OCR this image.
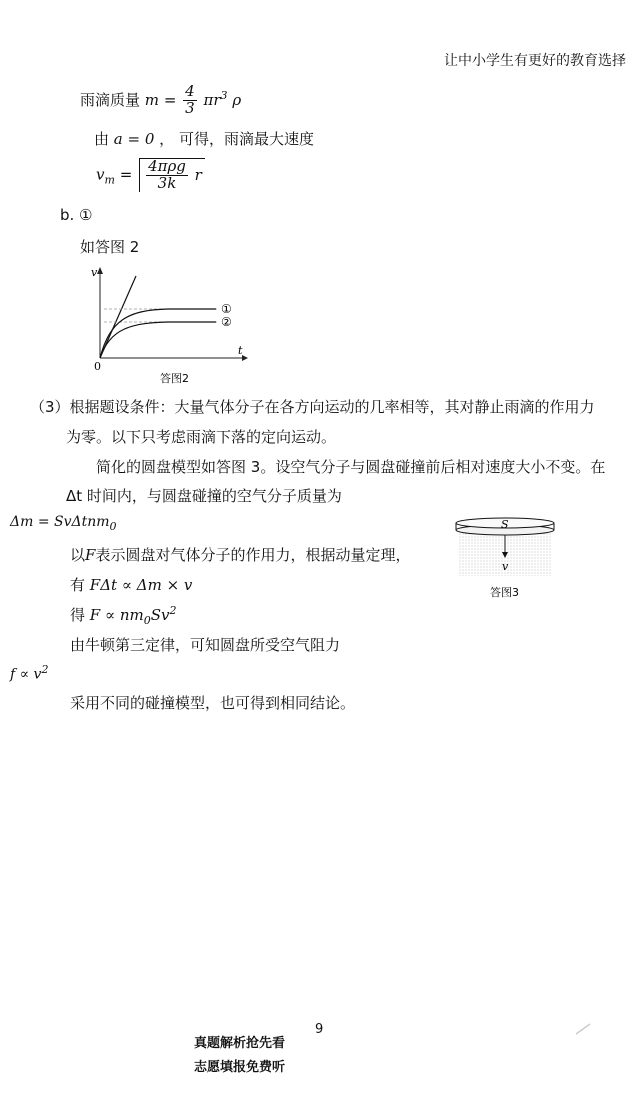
让中小学生有更好的教育选择
雨滴质量 $m = \frac{4}{3} \pi r^3$ ρ
由 a = 0 ， 可得，雨滴最大速度
$v_m = \frac{\text{4πρg}}{3k}$ r
b. ①
如答图 2
v
t
0
①
②
答图2
（3）根据题设条件：大量气体分子在各方向运动的几率相等，其对静止雨滴的作用力
为零。以下只考虑雨滴下落的定向运动。
简化的圆盘模型如答图 3。设空气分子与圆盘碰撞前后相对速度大小不变。在
Δt 时间内，与圆盘碰撞的空气分子质量为
Δm = SvΔtnm$_0$
以F表示圆盘对气体分子的作用力，根据动量定理，
有 FΔt ∝ Δm × v
得 $F \propto nm_0Sv^2$
由牛顿第三定律，可知圆盘所受空气阻力
$f \propto v^2$
采用不同的碰撞模型，也可得到相同结论。
S
v
答图3
9
真题解析抢先看
志愿填报免费听
